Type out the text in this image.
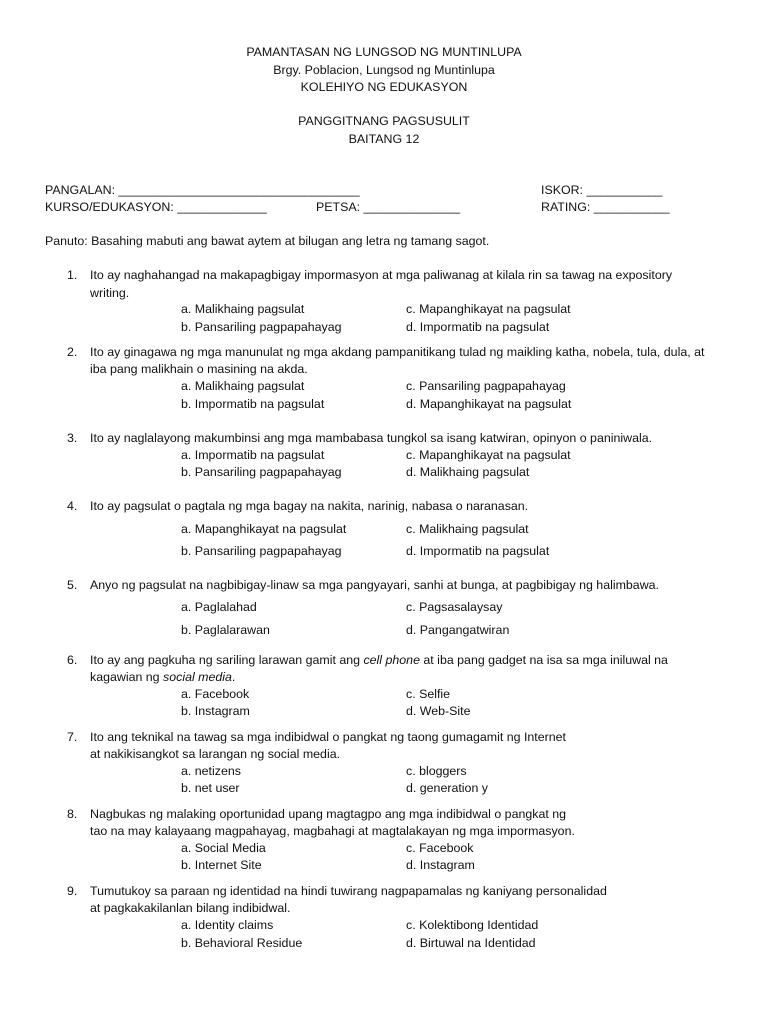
PAMANTASAN NG LUNGSOD NG MUNTINLUPA
Brgy. Poblacion, Lungsod ng Muntinlupa
KOLEHIYO NG EDUKASYON
PANGGITNANG PAGSUSULIT
BAITANG 12
PANGALAN: ___________________________________	ISKOR: ___________
KURSO/EDUKASYON: _____________	PETSA: ______________	RATING: ___________
Panuto: Basahing mabuti ang bawat aytem at bilugan ang letra ng tamang sagot.
1. Ito ay naghahangad na makapagbigay impormasyon at mga paliwanag at kilala rin sa tawag na expository
writing.
a. Malikhaing pagsulat	c. Mapanghikayat na pagsulat
b. Pansariling pagpapahayag	d. Impormatib na pagsulat
2. Ito ay ginagawa ng mga manunulat ng mga akdang pampanitikang tulad ng maikling katha, nobela, tula, dula, at
iba pang malikhain o masining na akda.
a. Malikhaing pagsulat	c. Pansariling pagpapahayag
b. Impormatib na pagsulat	d. Mapanghikayat na pagsulat
3. Ito ay naglalayong makumbinsi ang mga mambabasa tungkol sa isang katwiran, opinyon o paniniwala.
a. Impormatib na pagsulat	c. Mapanghikayat na pagsulat
b. Pansariling pagpapahayag	d. Malikhaing pagsulat
4. Ito ay pagsulat o pagtala ng mga bagay na nakita, narinig, nabasa o naranasan.
a. Mapanghikayat na pagsulat	c. Malikhaing pagsulat
b. Pansariling pagpapahayag	d. Impormatib na pagsulat
5. Anyo ng pagsulat na nagbibigay-linaw sa mga pangyayari, sanhi at bunga, at pagbibigay ng halimbawa.
a. Paglalahad	c. Pagsasalaysay
b. Paglalarawan	d. Pangangatwiran
6. Ito ay ang pagkuha ng sariling larawan gamit ang cell phone at iba pang gadget na isa sa mga iniluwal na
kagawian ng social media.
a. Facebook	c. Selfie
b. Instagram	d. Web-Site
7. Ito ang teknikal na tawag sa mga indibidwal o pangkat ng taong gumagamit ng Internet
at nakikisangkot sa larangan ng social media.
a. netizens	c. bloggers
b. net user	d. generation y
8. Nagbukas ng malaking oportunidad upang magtagpo ang mga indibidwal o pangkat ng
tao na may kalayaang magpahayag, magbahagi at magtalakayan ng mga impormasyon.
a. Social Media	c. Facebook
b. Internet Site	d. Instagram
9. Tumutukoy sa paraan ng identidad na hindi tuwirang nagpapamalas ng kaniyang personalidad
at pagkakakilanlan bilang indibidwal.
a. Identity claims	c. Kolektibong Identidad
b. Behavioral Residue	d. Birtuwal na Identidad
